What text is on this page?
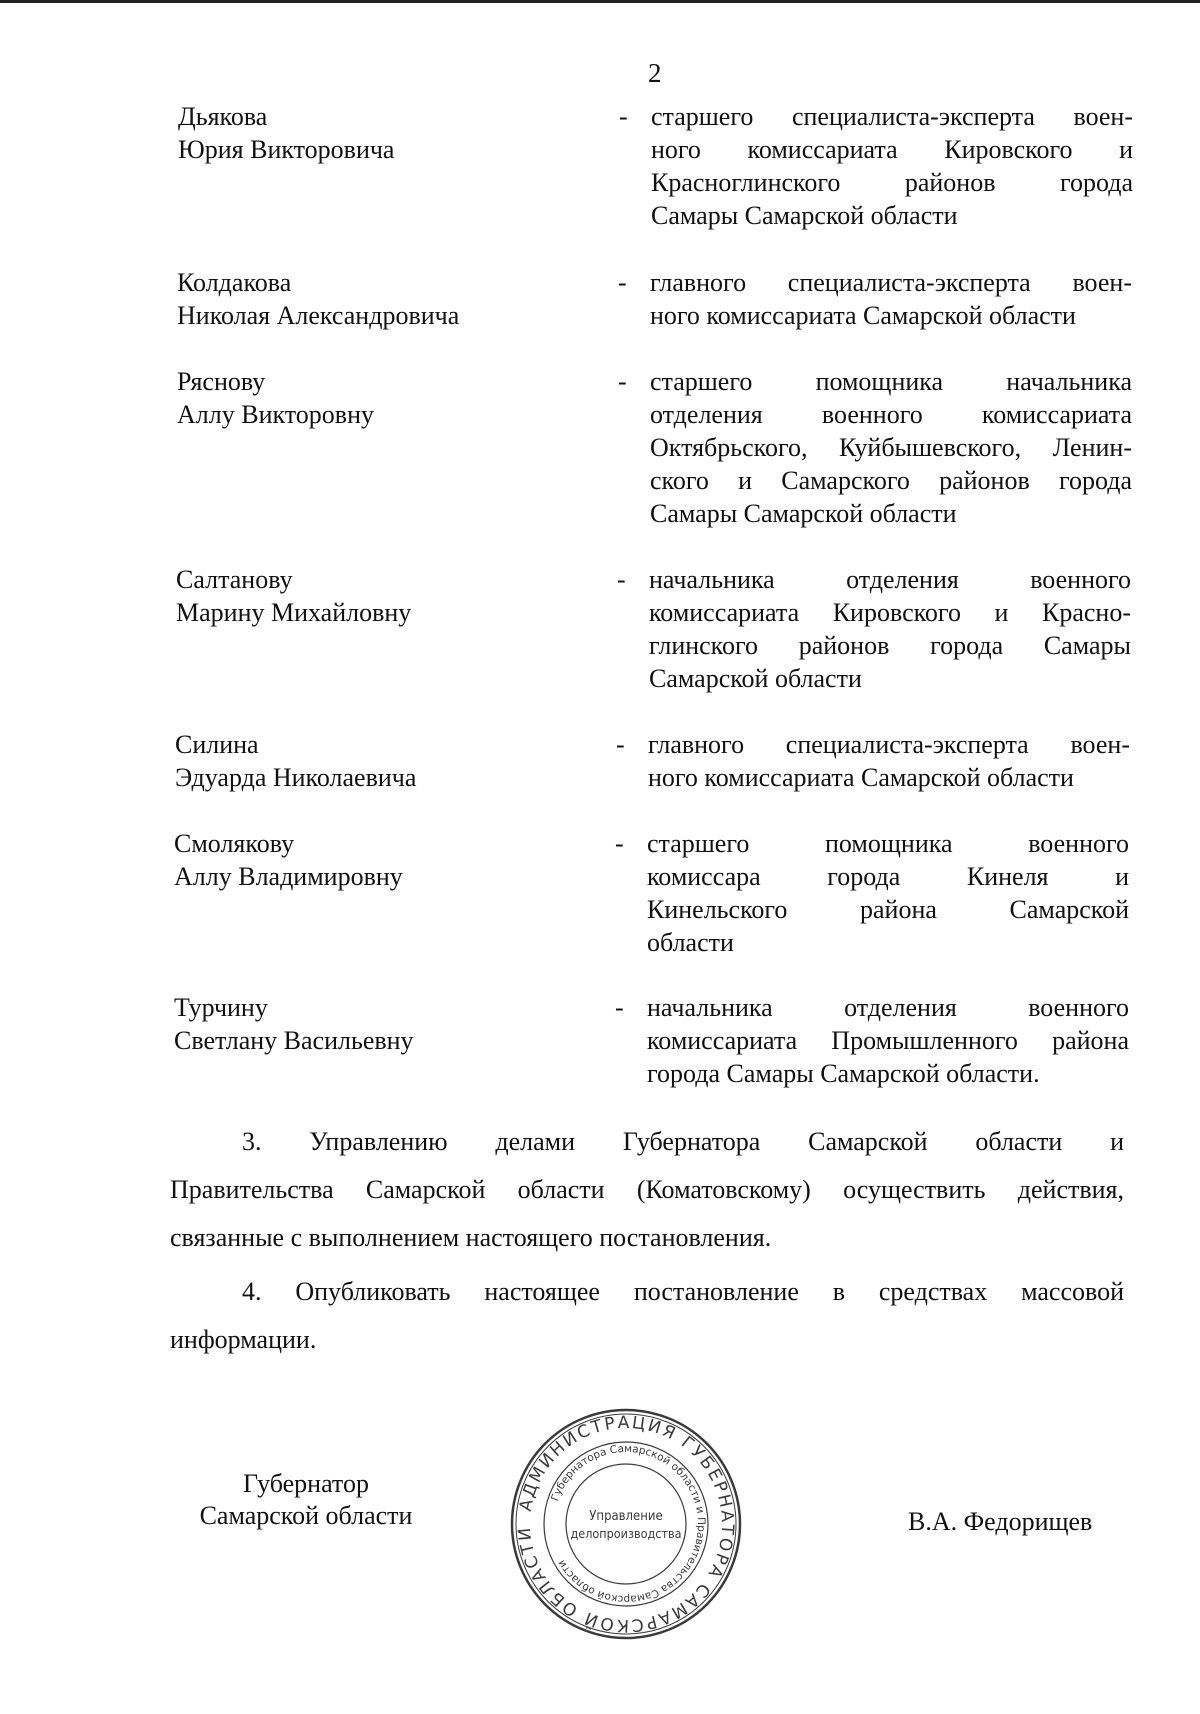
2
Дьякова
Юрия Викторовича
- старшего специалиста-эксперта воен-
ного комиссариата Кировского и
Красноглинского районов города
Самары Самарской области
Колдакова
Николая Александровича
- главного специалиста-эксперта воен-
ного комиссариата Самарской области
Ряснову
Аллу Викторовну
- старшего помощника начальника
отделения военного комиссариата
Октябрьского, Куйбышевского, Ленин-
ского и Самарского районов города
Самары Самарской области
Салтанову
Марину Михайловну
- начальника отделения военного
комиссариата Кировского и Красно-
глинского районов города Самары
Самарской области
Силина
Эдуарда Николаевича
- главного специалиста-эксперта воен-
ного комиссариата Самарской области
Смолякову
Аллу Владимировну
- старшего помощника военного
комиссара города Кинеля и
Кинельского района Самарской
области
Турчину
Светлану Васильевну
- начальника отделения военного
комиссариата Промышленного района
города Самары Самарской области.
3. Управлению делами Губернатора Самарской области и
Правительства Самарской области (Коматовскому) осуществить действия,
связанные с выполнением настоящего постановления.
4. Опубликовать настоящее постановление в средствах массовой
информации.
Губернатор
Самарской области	АДМИНИСТРАЦИЯ ГУБЕРНАТОРА САМАРСКОЙ ОБЛАСТИ
Губернатора Самарской области и Правительства Самарской области
Управление
делопроизводства	В.А. Федорищев
